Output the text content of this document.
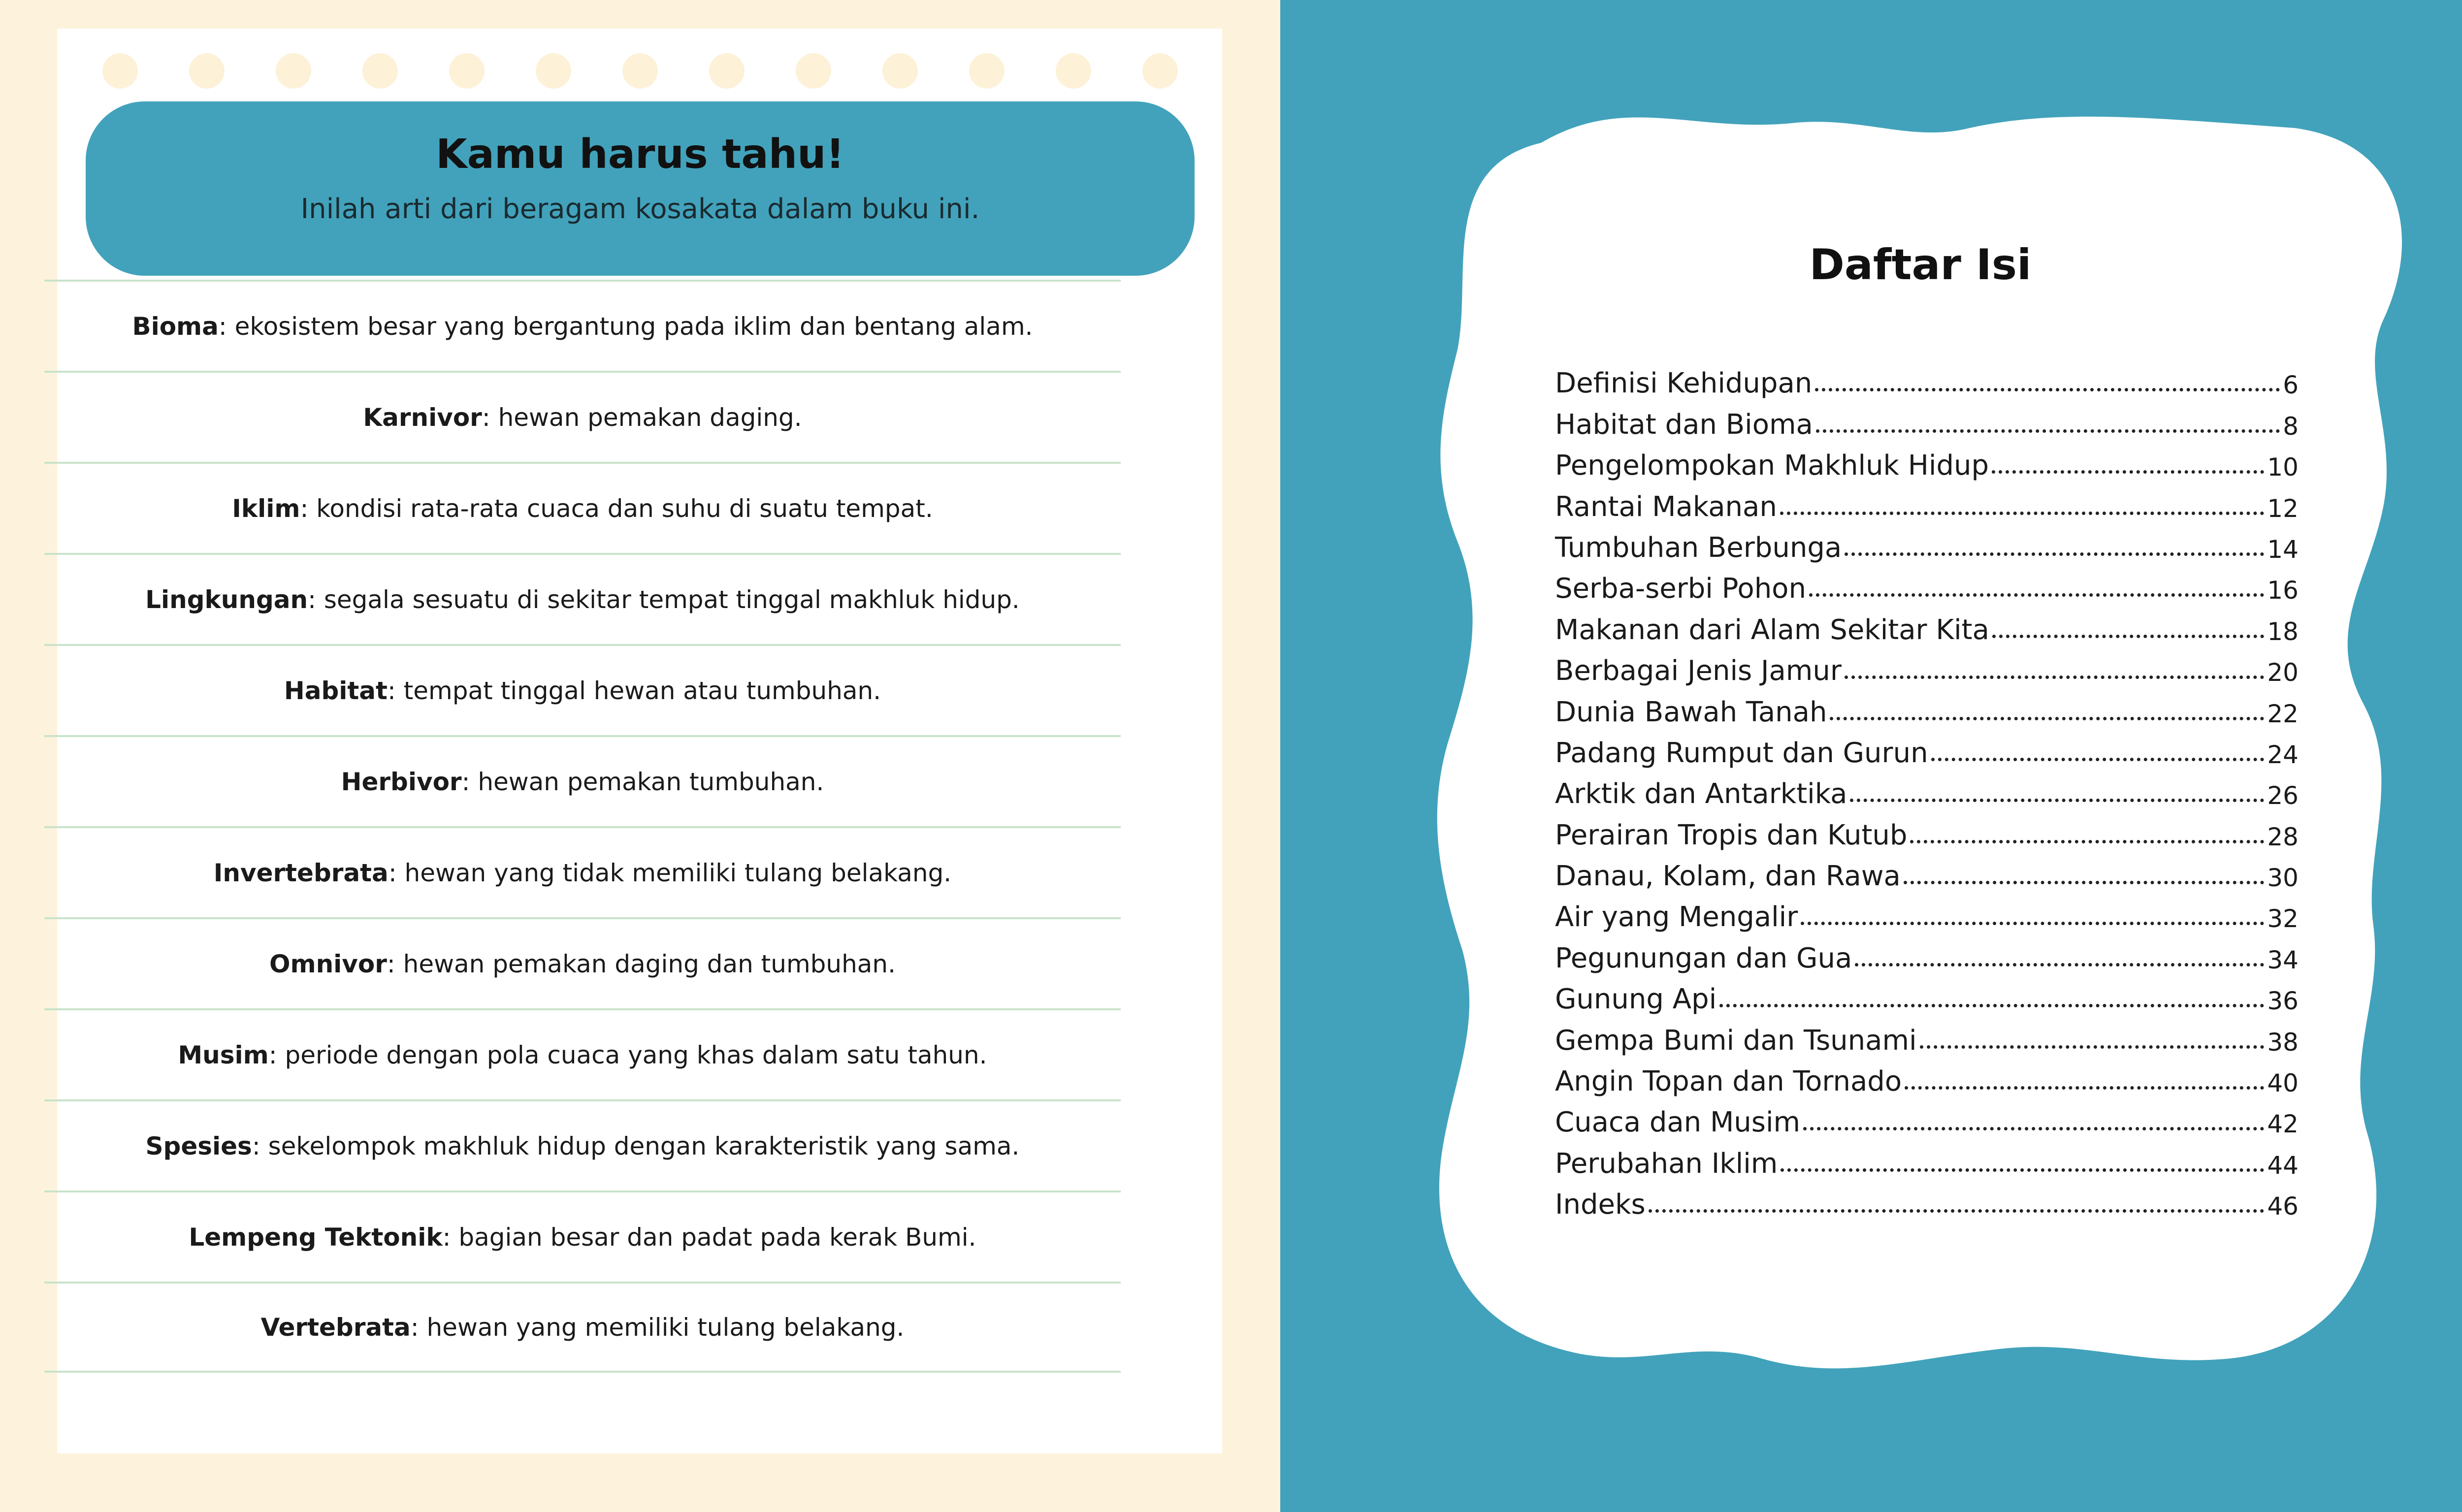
Kamu harus tahu!
Inilah arti dari beragam kosakata dalam buku ini.
Bioma : ekosistem besar yang bergantung pada iklim dan bentang alam.
Karnivor : hewan pemakan daging.
Iklim : kondisi rata-rata cuaca dan suhu di suatu tempat.
Lingkungan : segala sesuatu di sekitar tempat tinggal makhluk hidup.
Habitat : tempat tinggal hewan atau tumbuhan.
Herbivor : hewan pemakan tumbuhan.
Invertebrata : hewan yang tidak memiliki tulang belakang.
Omnivor : hewan pemakan daging dan tumbuhan.
Musim : periode dengan pola cuaca yang khas dalam satu tahun.
Spesies : sekelompok makhluk hidup dengan karakteristik yang sama.
Lempeng Tektonik : bagian besar dan padat pada kerak Bumi.
Vertebrata : hewan yang memiliki tulang belakang.
Daftar Isi
Definisi Kehidupan	6
Habitat dan Bioma	8
Pengelompokan Makhluk Hidup	10
Rantai Makanan	12
Tumbuhan Berbunga	14
Serba-serbi Pohon	16
Makanan dari Alam Sekitar Kita	18
Berbagai Jenis Jamur	20
Dunia Bawah Tanah	22
Padang Rumput dan Gurun	24
Arktik dan Antarktika	26
Perairan Tropis dan Kutub	28
Danau, Kolam, dan Rawa	30
Air yang Mengalir	32
Pegunungan dan Gua	34
Gunung Api	36
Gempa Bumi dan Tsunami	38
Angin Topan dan Tornado	40
Cuaca dan Musim	42
Perubahan Iklim	44
Indeks	46
